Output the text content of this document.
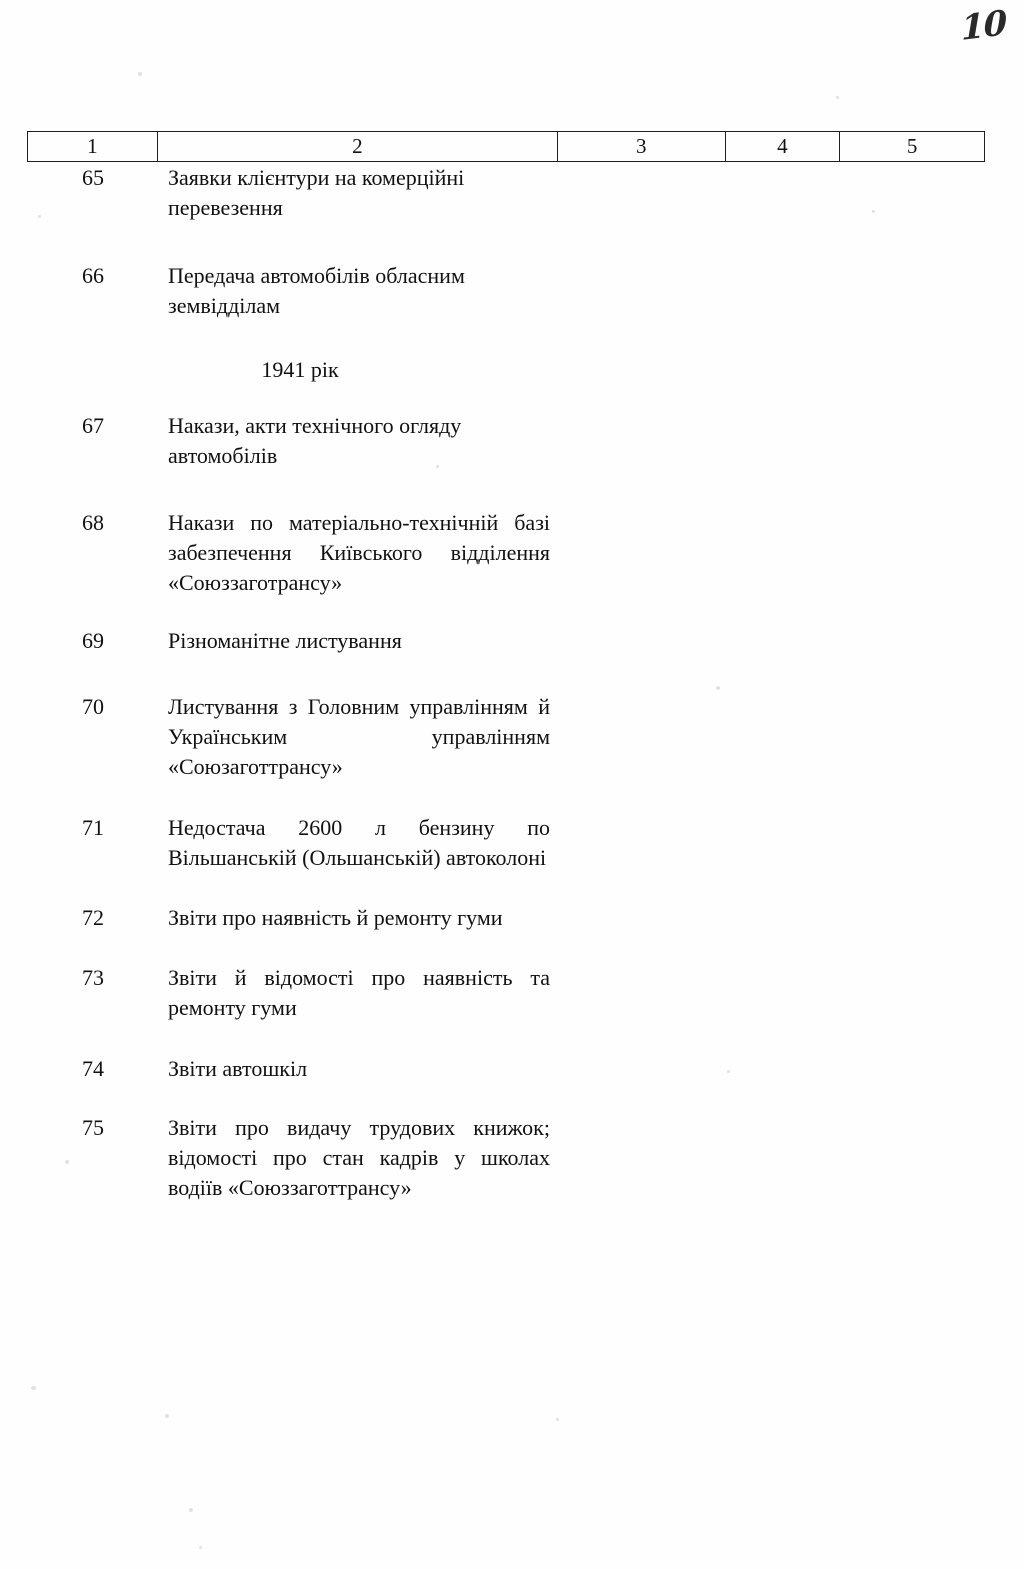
10
1	2	3	4	5
65	Заявки клієнтури на комерційні перевезення
66	Передача автомобілів обласним земвідділам
1941 рік
67	Накази, акти технічного огляду автомобілів
68	Накази по матеріально-технічній базі забезпечення Київського відділення «Союззаготрансу»
69	Різноманітне листування
70	Листування з Головним управлінням й Українським управлінням «Союзаготтрансу»
71	Недостача 2600 л бензину по Вільшанській (Ольшанській) автоколоні
72	Звіти про наявність й ремонту гуми
73	Звіти й відомості про наявність та ремонту гуми
74	Звіти автошкіл
75	Звіти про видачу трудових книжок; відомості про стан кадрів у школах водіїв «Союззаготтрансу»
